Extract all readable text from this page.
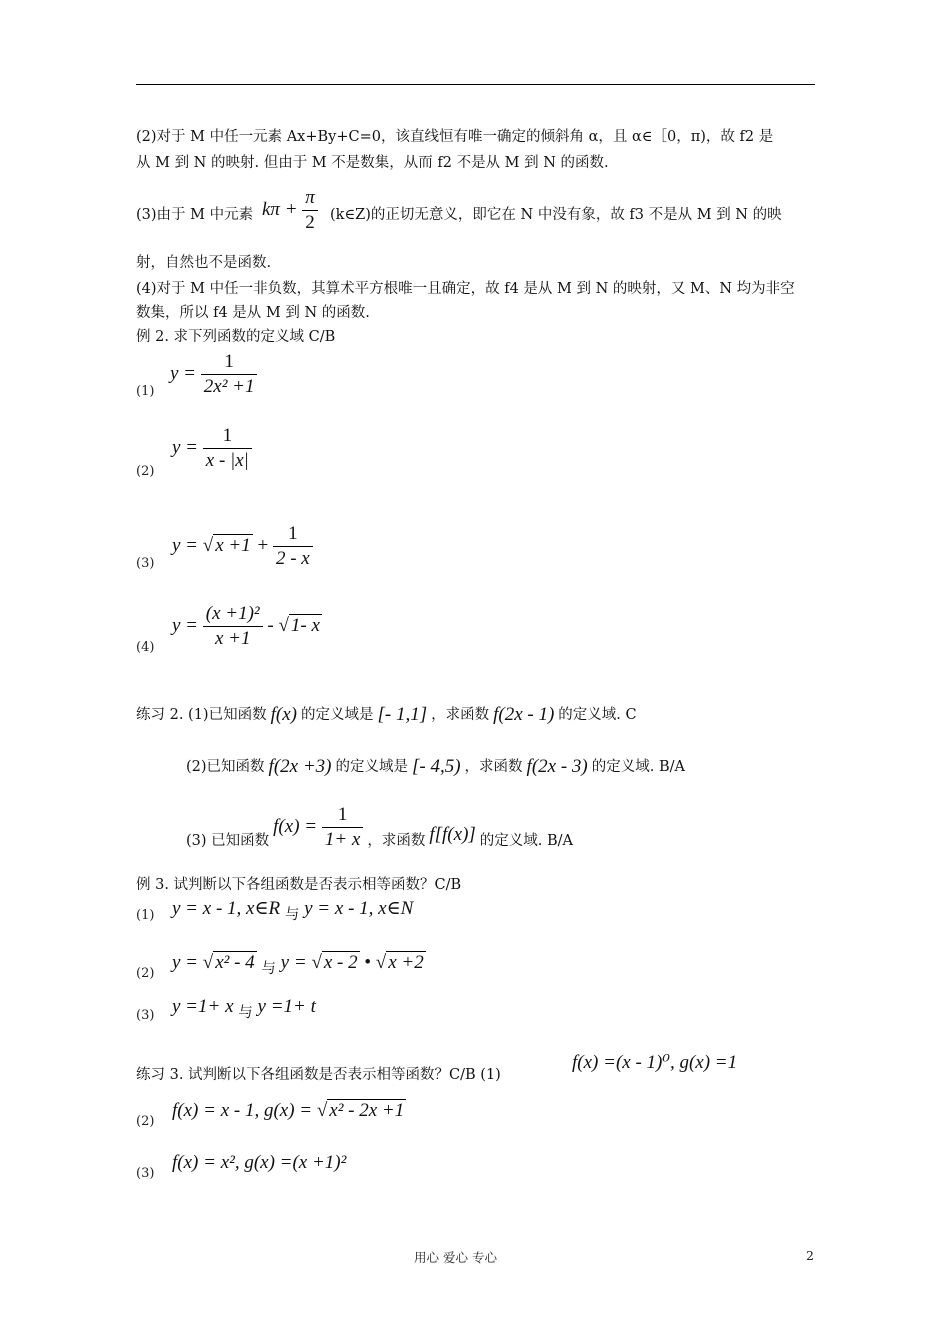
(2)对于 M 中任一元素 Ax+By+C=0，该直线恒有唯一确定的倾斜角 α，且 α∈［0，π)，故 f2 是
从 M 到 N 的映射. 但由于 M 不是数集，从而 f2 不是从 M 到 N 的函数.
(3)由于 M 中元素 $k\pi + \frac{\pi}{2}$ (k∈Z)的正切无意义，即它在 N 中没有象，故 f3 不是从 M 到 N 的映
射，自然也不是函数.
(4)对于 M 中任一非负数，其算术平方根唯一且确定，故 f4 是从 M 到 N 的映射，又 M、N 均为非空
数集，所以 f4 是从 M 到 N 的函数.
例 2. 求下列函数的定义域 C/B
(1)
$y = \frac{1}{\text{2x² +1}}$
(2)
$y = \frac{1}{x - |x|}$
(3)
y = √ $x +1 + \frac{1}{2 - x}$
(4)
$y = \frac{\text{(x +1)²}}{x +1}$ - √ 1- x
练习 2. (1)已知函数 f(x) 的定义域是 [- 1,1] ，求函数 f(2x - 1) 的定义域. C
(2)已知函数 f(2x +3) 的定义域是 [- 4,5) ，求函数 f(2x - 3) 的定义域. B/A
(3) 已知函数
$f(x) = \frac{1}{1+ x}$ ，求函数 f[f(x)] 的定义域. B/A
例 3. 试判断以下各组函数是否表示相等函数？C/B
(1) y = x - 1, x∈R $_与$ y = x - 1, x∈N
(2)
y = √ x² - 4 $_与$ y = √ x - 2 • √ x +2
(3) y =1+ x $_与$ y =1+ t
练习 3. 试判断以下各组函数是否表示相等函数？C/B (1)
f(x) =(x - 1)⁰, g(x) =1
(2)
f(x) = x - 1, g(x) = √ x² - 2x +1
(3)
f(x) = x², g(x) =(x +1)²
用心 爱心 专心	2
